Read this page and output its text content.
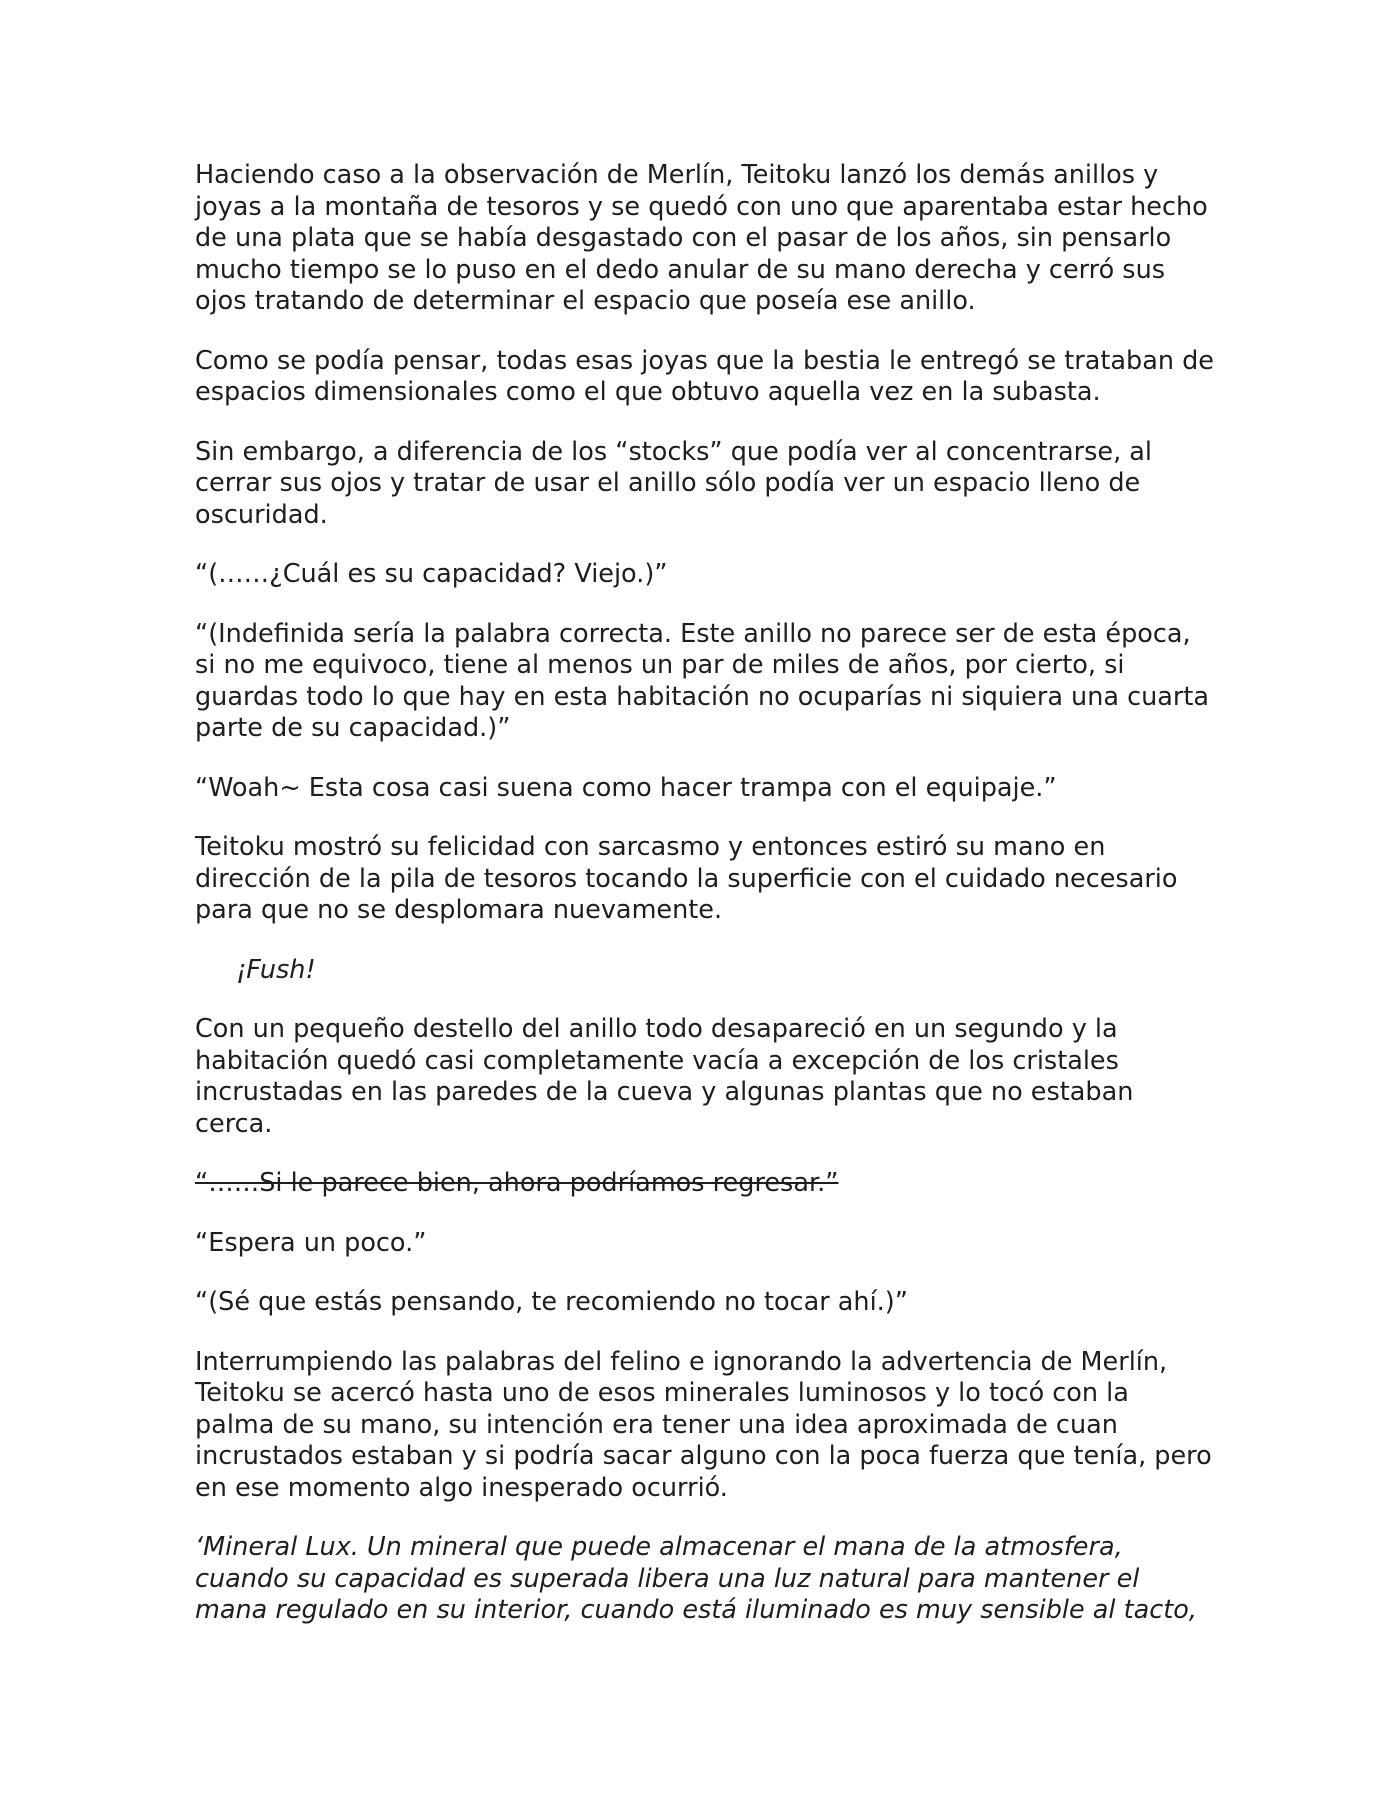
Haciendo caso a la observación de Merlín, Teitoku lanzó los demás anillos y joyas a la montaña de tesoros y se quedó con uno que aparentaba estar hecho de una plata que se había desgastado con el pasar de los años, sin pensarlo mucho tiempo se lo puso en el dedo anular de su mano derecha y cerró sus ojos tratando de determinar el espacio que poseía ese anillo.

Como se podía pensar, todas esas joyas que la bestia le entregó se trataban de espacios dimensionales como el que obtuvo aquella vez en la subasta.

Sin embargo, a diferencia de los “stocks” que podía ver al concentrarse, al cerrar sus ojos y tratar de usar el anillo sólo podía ver un espacio lleno de oscuridad.

“(……¿Cuál es su capacidad? Viejo.)”

“(Indefinida sería la palabra correcta. Este anillo no parece ser de esta época, si no me equivoco, tiene al menos un par de miles de años, por cierto, si guardas todo lo que hay en esta habitación no ocuparías ni siquiera una cuarta parte de su capacidad.)”

“Woah~ Esta cosa casi suena como hacer trampa con el equipaje.”

Teitoku mostró su felicidad con sarcasmo y entonces estiró su mano en dirección de la pila de tesoros tocando la superficie con el cuidado necesario para que no se desplomara nuevamente.

¡Fush!

Con un pequeño destello del anillo todo desapareció en un segundo y la habitación quedó casi completamente vacía a excepción de los cristales incrustadas en las paredes de la cueva y algunas plantas que no estaban cerca.

“……Si le parece bien, ahora podríamos regresar.”

“Espera un poco.”

“(Sé que estás pensando, te recomiendo no tocar ahí.)”

Interrumpiendo las palabras del felino e ignorando la advertencia de Merlín, Teitoku se acercó hasta uno de esos minerales luminosos y lo tocó con la palma de su mano, su intención era tener una idea aproximada de cuan incrustados estaban y si podría sacar alguno con la poca fuerza que tenía, pero en ese momento algo inesperado ocurrió.

‘Mineral Lux. Un mineral que puede almacenar el mana de la atmosfera, cuando su capacidad es superada libera una luz natural para mantener el mana regulado en su interior, cuando está iluminado es muy sensible al tacto,
